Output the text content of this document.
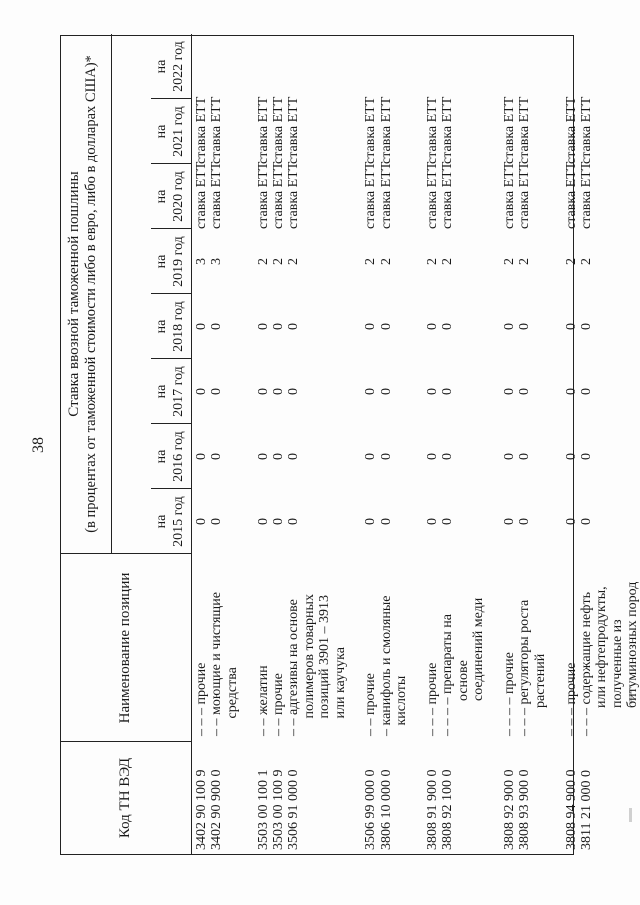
38
Код ТН ВЭД
Наименование позиции
Ставка ввозной таможенной пошлины (в процентах от таможенной стоимости либо в евро, либо в долларах США)*	на 2015 год
на 2016 год
на 2017 год
на 2018 год
на 2019 год
на 2020 год
на 2021 год
на 2022 год
3402 90 100 9
– – – прочие
0
0
0
0
3
ставка ЕТТ
ставка ЕТТ
3402 90 900 0
– – моющие и чистящие средства
0
0
0
0
3
ставка ЕТТ
ставка ЕТТ
3503 00 100 1
– – желатин
0
0
0
0
2
ставка ЕТТ
ставка ЕТТ
3503 00 100 9
– – прочие
0
0
0
0
2
ставка ЕТТ
ставка ЕТТ
3506 91 000 0
– – адгезивы на основе полимеров товарных позиций 3901 – 3913 или каучука
0
0
0
0
2
ставка ЕТТ
ставка ЕТТ
3506 99 000 0
– – прочие
0
0
0
0
2
ставка ЕТТ
ставка ЕТТ
3806 10 000 0
– канифоль и смоляные кислоты
0
0
0
0
2
ставка ЕТТ
ставка ЕТТ
3808 91 900 0
– – – прочие
0
0
0
0
2
ставка ЕТТ
ставка ЕТТ
3808 92 100 0
– – – – препараты на основе соединений меди
0
0
0
0
2
ставка ЕТТ
ставка ЕТТ
3808 92 900 0
– – – – прочие
0
0
0
0
2
ставка ЕТТ
ставка ЕТТ
3808 93 900 0
– – – регуляторы роста растений
0
0
0
0
2
ставка ЕТТ
ставка ЕТТ
3808 94 900 0
– – – прочие
0
0
0
0
2
ставка ЕТТ
ставка ЕТТ
3811 21 000 0
– – – содержащие нефть или нефтепродукты, полученные из битуминозных пород
0
0
0
0
2
ставка ЕТТ
ставка ЕТТ
